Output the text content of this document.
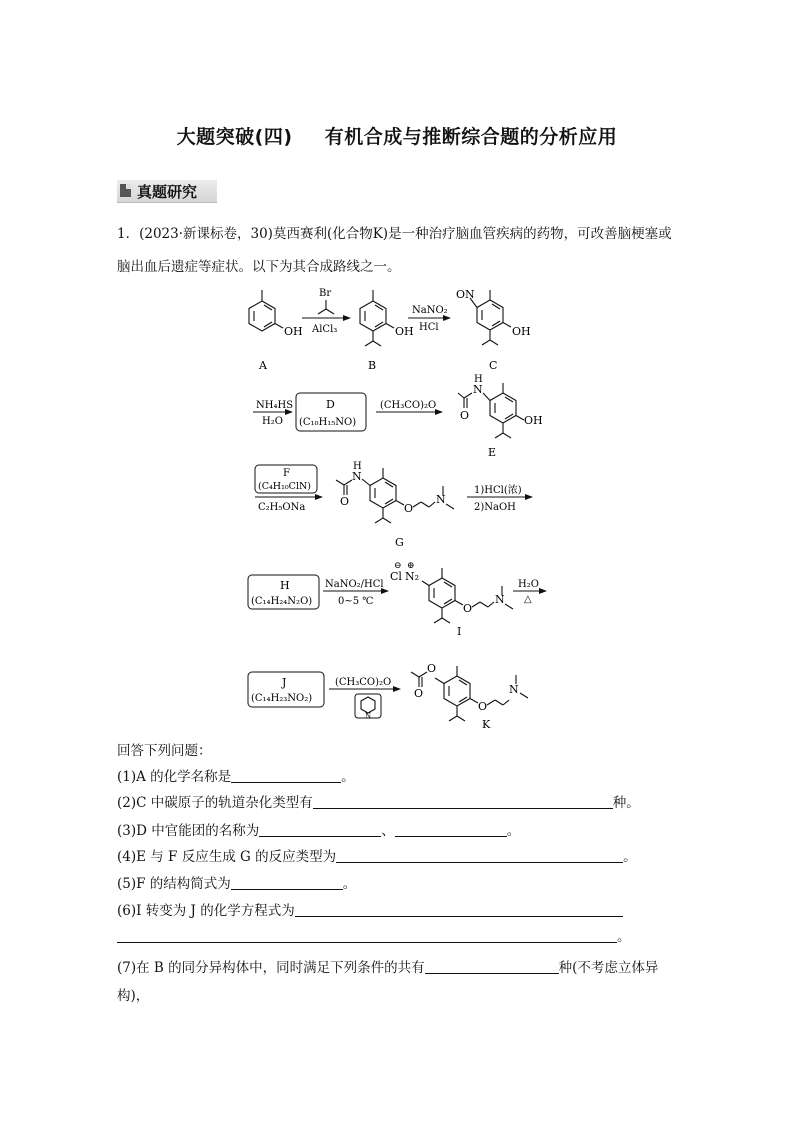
大题突破(四) 有机合成与推断综合题的分析应用
真题研究
1．(2023·新课标卷，30)莫西赛利(化合物K)是一种治疗脑血管疾病的药物，可改善脑梗塞或
脑出血后遗症等症状。以下为其合成路线之一。
OH
A
Br
AlCl₃	OH
B
NaNO₂
HCl
ON
OH
C
NH₄HS
H₂O
D
(C₁₀H₁₅NO)
(CH₃CO)₂O
H
N
O	OH
E
F
(C₄H₁₀ClN)
C₂H₅ONa
H
N
O
O
N
G
1)HCl(浓)
2)NaOH
H
(C₁₄H₂₄N₂O)
NaNO₂/HCl
0~5 ℃
⊖ ⊕
Cl N₂
O
N
I
H₂O
△
J
(C₁₄H₂₃NO₂)
(CH₃CO)₂O
N
O
O
O
N
K
回答下列问题：
(1)A 的化学名称是	。
(2)C 中碳原子的轨道杂化类型有	种。
(3)D 中官能团的名称为	、	。
(4)E 与 F 反应生成 G 的反应类型为	。
(5)F 的结构简式为	。
(6)I 转变为 J 的化学方程式为
。
(7)在 B 的同分异构体中，同时满足下列条件的共有	种(不考虑立体异
构)，
